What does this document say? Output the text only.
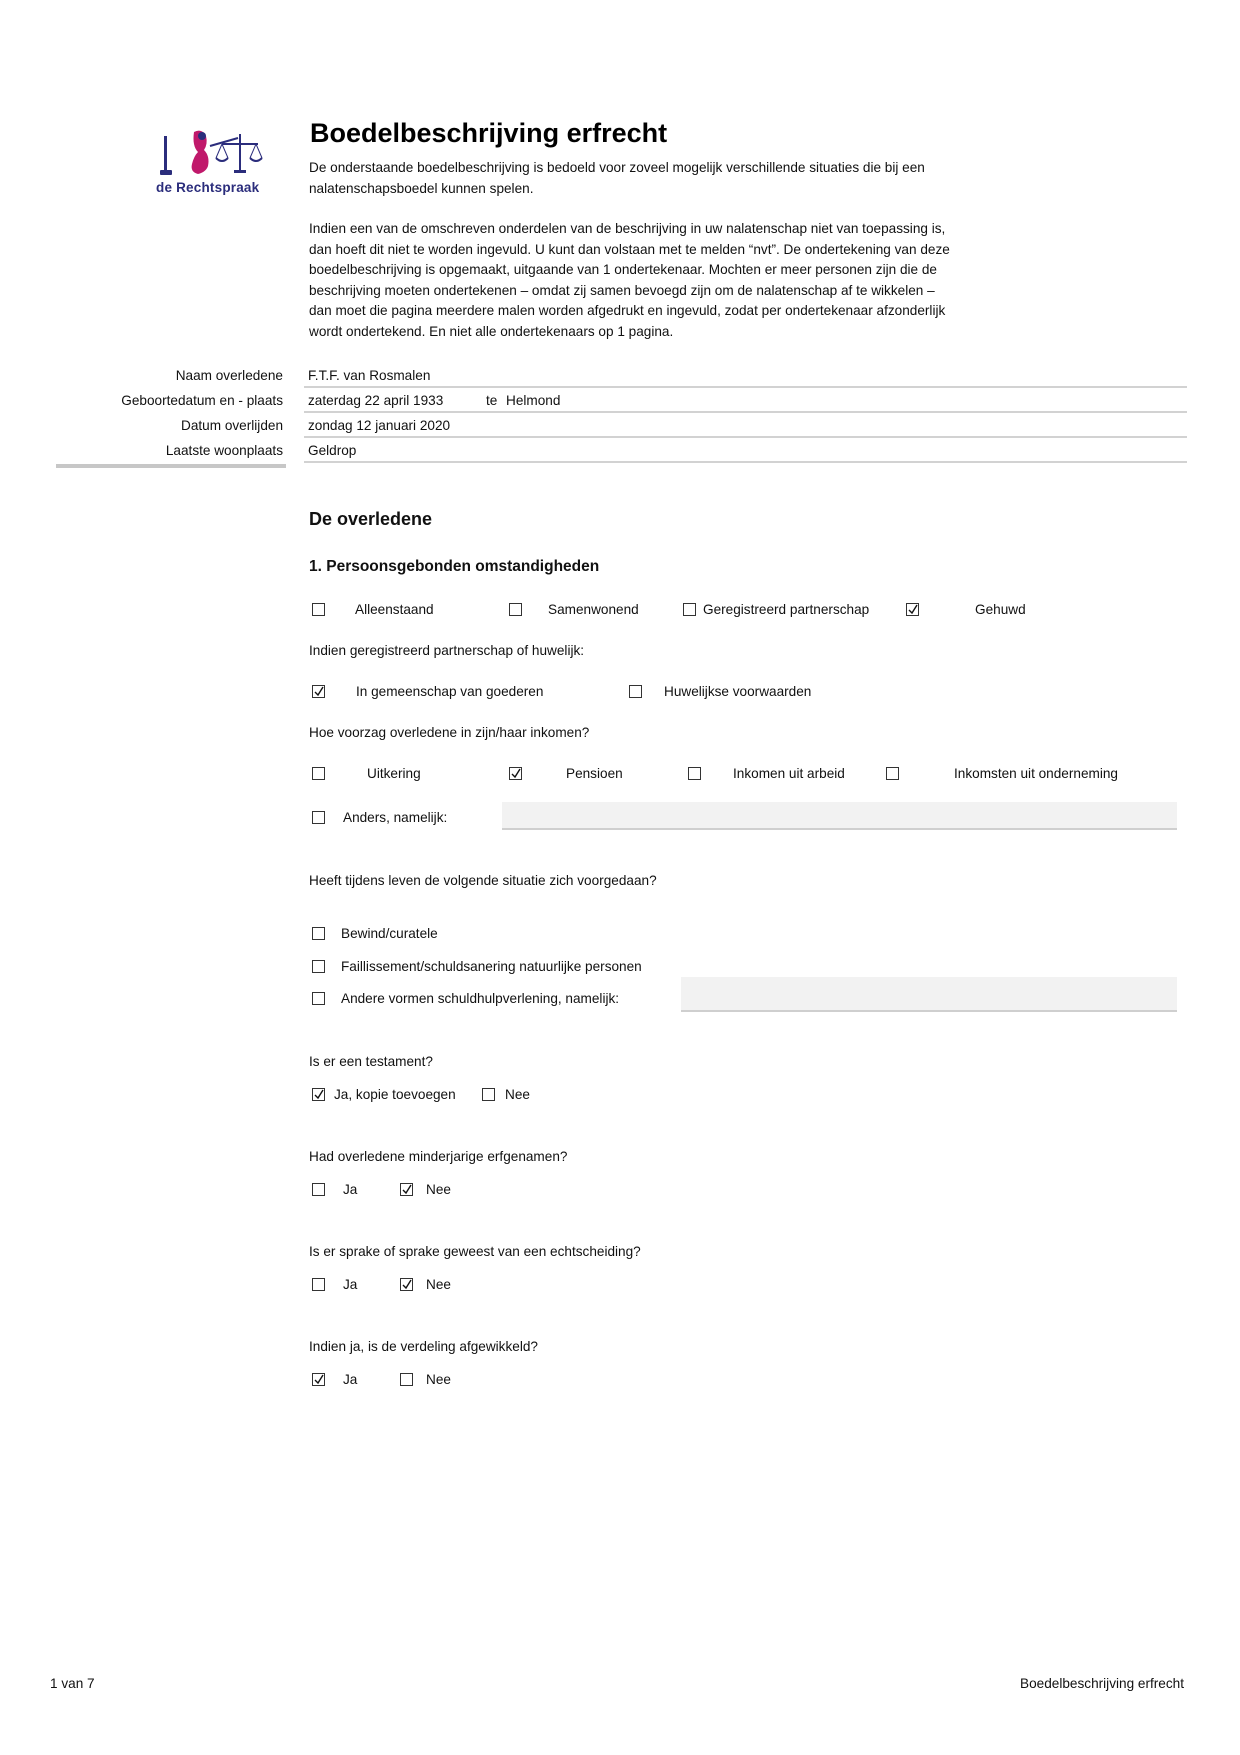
de Rechtspraak
Boedelbeschrijving erfrecht
De onderstaande boedelbeschrijving is bedoeld voor zoveel mogelijk verschillende situaties die bij een
nalatenschapsboedel kunnen spelen.
Indien een van de omschreven onderdelen van de beschrijving in uw nalatenschap niet van toepassing is,
dan hoeft dit niet te worden ingevuld. U kunt dan volstaan met te melden “nvt”. De ondertekening van deze
boedelbeschrijving is opgemaakt, uitgaande van 1 ondertekenaar. Mochten er meer personen zijn die de
beschrijving moeten ondertekenen – omdat zij samen bevoegd zijn om de nalatenschap af te wikkelen –
dan moet die pagina meerdere malen worden afgedrukt en ingevuld, zodat per ondertekenaar afzonderlijk
wordt ondertekend. En niet alle ondertekenaars op 1 pagina.
Naam overledene F.T.F. van Rosmalen
Geboortedatum en - plaats zaterdag 22 april 1933	te Helmond
Datum overlijden zondag 12 januari 2020
Laatste woonplaats Geldrop
De overledene
1. Persoonsgebonden omstandigheden
Alleenstaand	Samenwonend	Geregistreerd partnerschap	Gehuwd
Indien geregistreerd partnerschap of huwelijk:
In gemeenschap van goederen	Huwelijkse voorwaarden
Hoe voorzag overledene in zijn/haar inkomen?
Uitkering	Pensioen	Inkomen uit arbeid	Inkomsten uit onderneming
Anders, namelijk:
Heeft tijdens leven de volgende situatie zich voorgedaan?
Bewind/curatele
Faillissement/schuldsanering natuurlijke personen
Andere vormen schuldhulpverlening, namelijk:
Is er een testament?
Ja, kopie toevoegen	Nee
Had overledene minderjarige erfgenamen?
Ja	Nee
Is er sprake of sprake geweest van een echtscheiding?
Ja	Nee
Indien ja, is de verdeling afgewikkeld?
Ja	Nee
1 van 7	Boedelbeschrijving erfrecht
